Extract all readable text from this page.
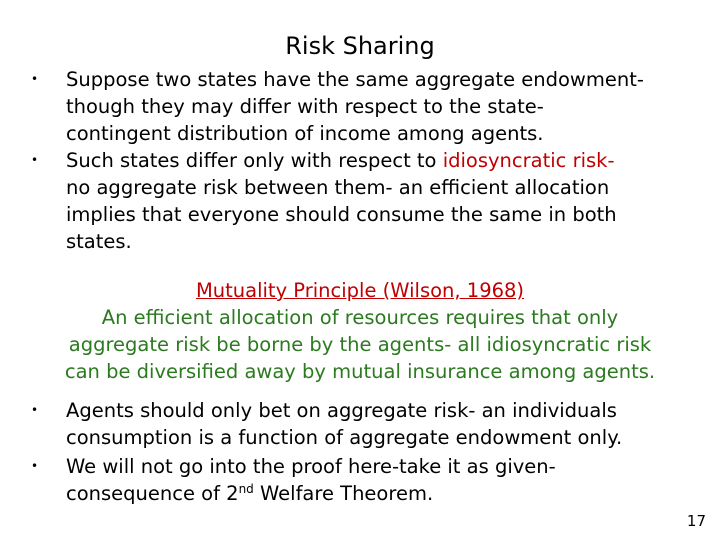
Risk Sharing
• Suppose two states have the same aggregate endowment-
though they may differ with respect to the state-
contingent distribution of income among agents.
• Such states differ only with respect to idiosyncratic risk-
no aggregate risk between them- an efficient allocation
implies that everyone should consume the same in both
states.
Mutuality Principle (Wilson, 1968)
An efficient allocation of resources requires that only
aggregate risk be borne by the agents- all idiosyncratic risk
can be diversified away by mutual insurance among agents.
• Agents should only bet on aggregate risk- an individuals
consumption is a function of aggregate endowment only.
• We will not go into the proof here-take it as given-
consequence of 2nd Welfare Theorem.
17
